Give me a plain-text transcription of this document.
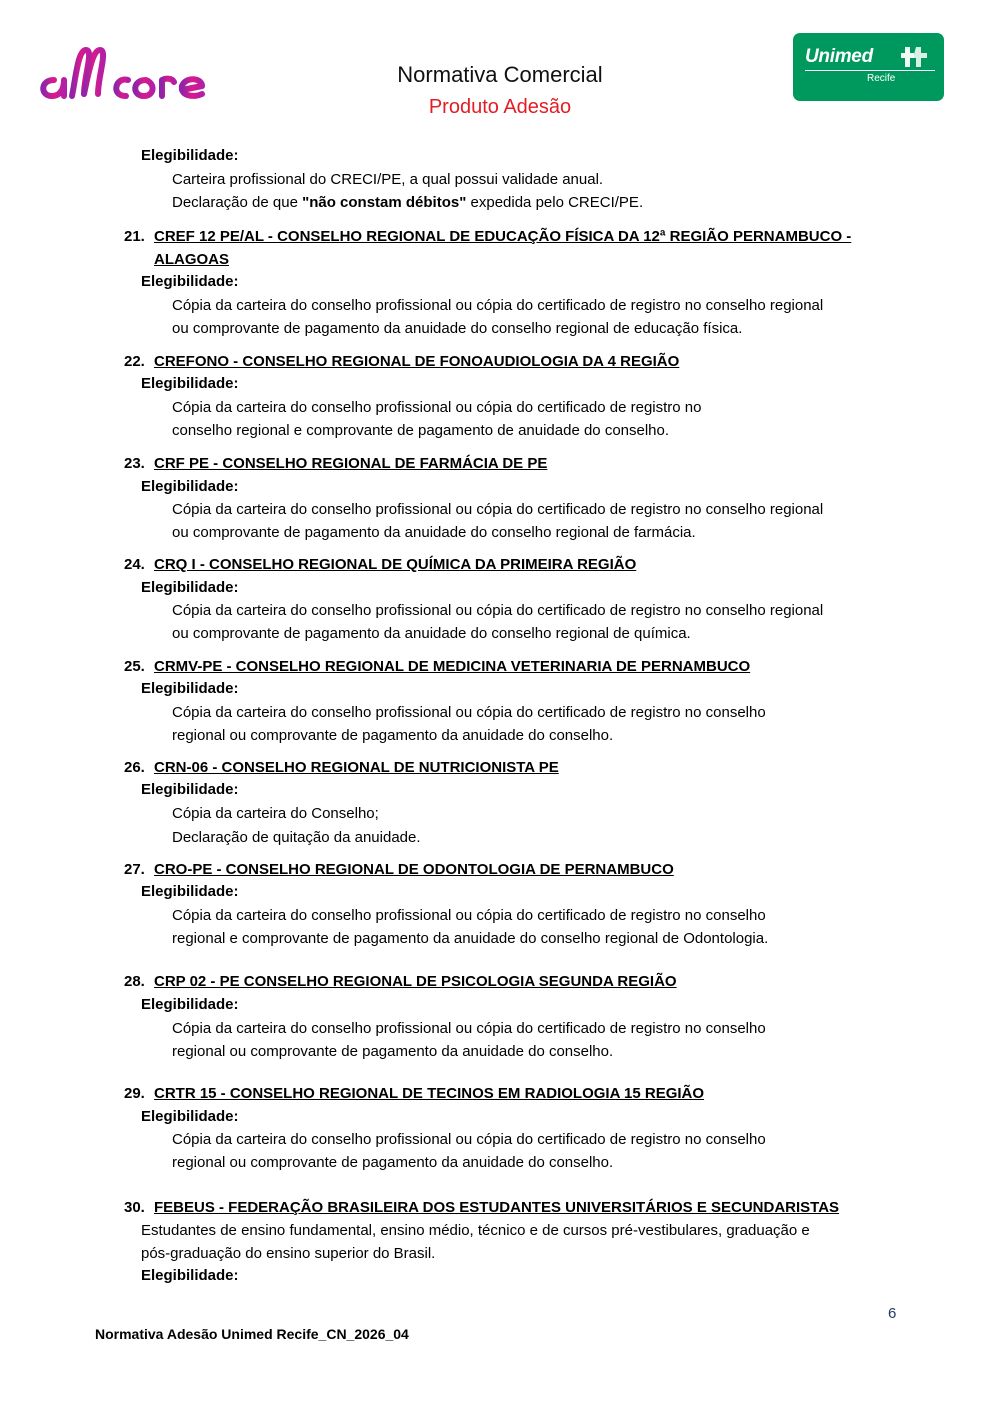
Normativa Comercial
Produto Adesão
Unimed
Recife
Elegibilidade:
Carteira profissional do CRECI/PE, a qual possui validade anual.
Declaração de que "não constam débitos" expedida pelo CRECI/PE.
21. CREF 12 PE/AL - CONSELHO REGIONAL DE EDUCAÇÃO FÍSICA DA 12ª REGIÃO PERNAMBUCO -
ALAGOAS
Elegibilidade:
Cópia da carteira do conselho profissional ou cópia do certificado de registro no conselho regional
ou comprovante de pagamento da anuidade do conselho regional de educação física.
22. CREFONO - CONSELHO REGIONAL DE FONOAUDIOLOGIA DA 4 REGIÃO
Elegibilidade:
Cópia da carteira do conselho profissional ou cópia do certificado de registro no
conselho regional e comprovante de pagamento de anuidade do conselho.
23. CRF PE - CONSELHO REGIONAL DE FARMÁCIA DE PE
Elegibilidade:
Cópia da carteira do conselho profissional ou cópia do certificado de registro no conselho regional
ou comprovante de pagamento da anuidade do conselho regional de farmácia.
24. CRQ I - CONSELHO REGIONAL DE QUÍMICA DA PRIMEIRA REGIÃO
Elegibilidade:
Cópia da carteira do conselho profissional ou cópia do certificado de registro no conselho regional
ou comprovante de pagamento da anuidade do conselho regional de química.
25. CRMV-PE - CONSELHO REGIONAL DE MEDICINA VETERINARIA DE PERNAMBUCO
Elegibilidade:
Cópia da carteira do conselho profissional ou cópia do certificado de registro no conselho
regional ou comprovante de pagamento da anuidade do conselho.
26. CRN-06 - CONSELHO REGIONAL DE NUTRICIONISTA PE
Elegibilidade:
Cópia da carteira do Conselho;
Declaração de quitação da anuidade.
27. CRO-PE - CONSELHO REGIONAL DE ODONTOLOGIA DE PERNAMBUCO
Elegibilidade:
Cópia da carteira do conselho profissional ou cópia do certificado de registro no conselho
regional e comprovante de pagamento da anuidade do conselho regional de Odontologia.
28. CRP 02 - PE CONSELHO REGIONAL DE PSICOLOGIA SEGUNDA REGIÃO
Elegibilidade:
Cópia da carteira do conselho profissional ou cópia do certificado de registro no conselho
regional ou comprovante de pagamento da anuidade do conselho.
29. CRTR 15 - CONSELHO REGIONAL DE TECINOS EM RADIOLOGIA 15 REGIÃO
Elegibilidade:
Cópia da carteira do conselho profissional ou cópia do certificado de registro no conselho
regional ou comprovante de pagamento da anuidade do conselho.
30. FEBEUS - FEDERAÇÃO BRASILEIRA DOS ESTUDANTES UNIVERSITÁRIOS E SECUNDARISTAS
Estudantes de ensino fundamental, ensino médio, técnico e de cursos pré-vestibulares, graduação e
pós-graduação do ensino superior do Brasil.
Elegibilidade:
Normativa Adesão Unimed Recife_CN_2026_04
6
